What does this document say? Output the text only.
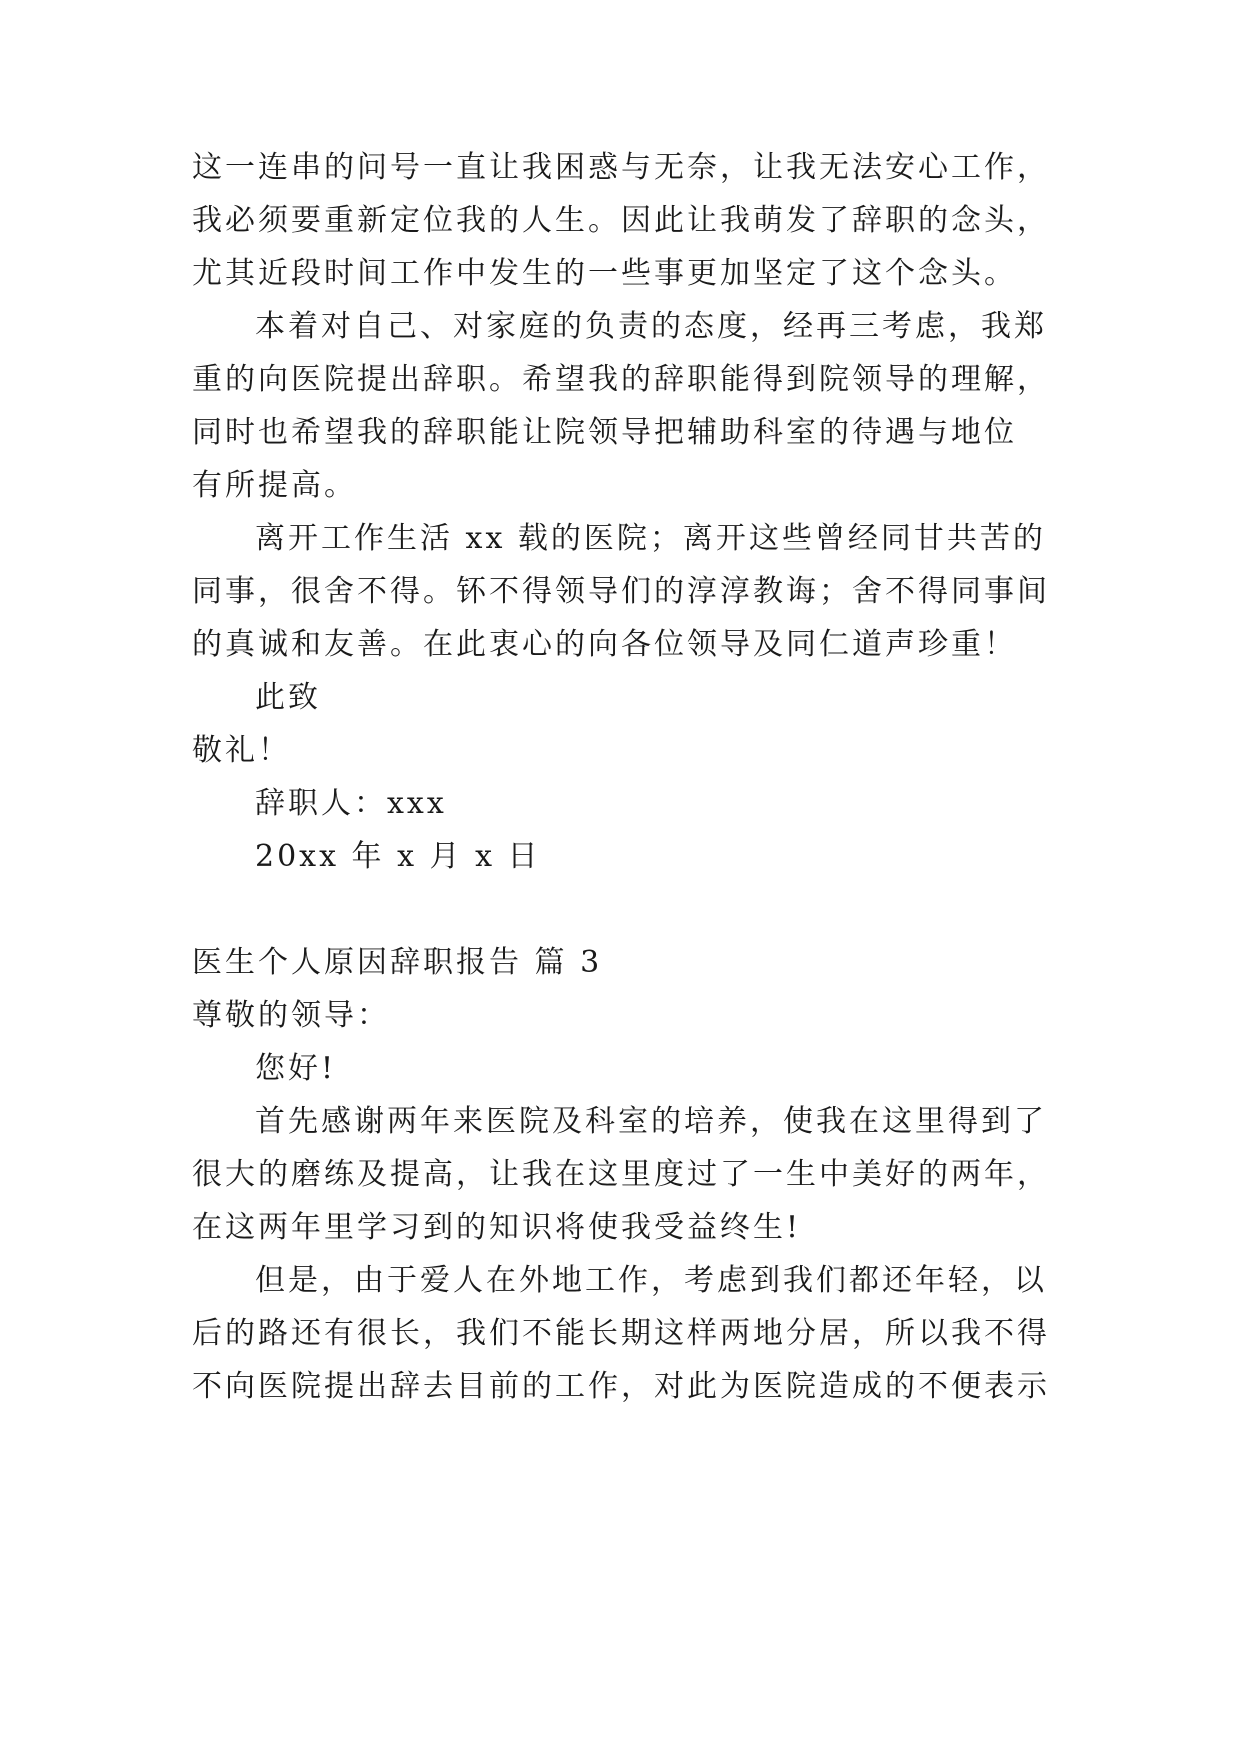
这一连串的问号一直让我困惑与无奈，让我无法安心工作，
我必须要重新定位我的人生。因此让我萌发了辞职的念头，
尤其近段时间工作中发生的一些事更加坚定了这个念头。
本着对自己、对家庭的负责的态度，经再三考虑，我郑
重的向医院提出辞职。希望我的辞职能得到院领导的理解，
同时也希望我的辞职能让院领导把辅助科室的待遇与地位
有所提高。
离开工作生活 xx 载的医院；离开这些曾经同甘共苦的
同事，很舍不得。钚不得领导们的淳淳教诲；舍不得同事间
的真诚和友善。在此衷心的向各位领导及同仁道声珍重！
此致
敬礼！
辞职人：xxx
20xx 年 x 月 x 日
医生个人原因辞职报告 篇 3
尊敬的领导：
您好!
首先感谢两年来医院及科室的培养，使我在这里得到了
很大的磨练及提高，让我在这里度过了一生中美好的两年，
在这两年里学习到的知识将使我受益终生!
但是，由于爱人在外地工作，考虑到我们都还年轻，以
后的路还有很长，我们不能长期这样两地分居，所以我不得
不向医院提出辞去目前的工作，对此为医院造成的不便表示
